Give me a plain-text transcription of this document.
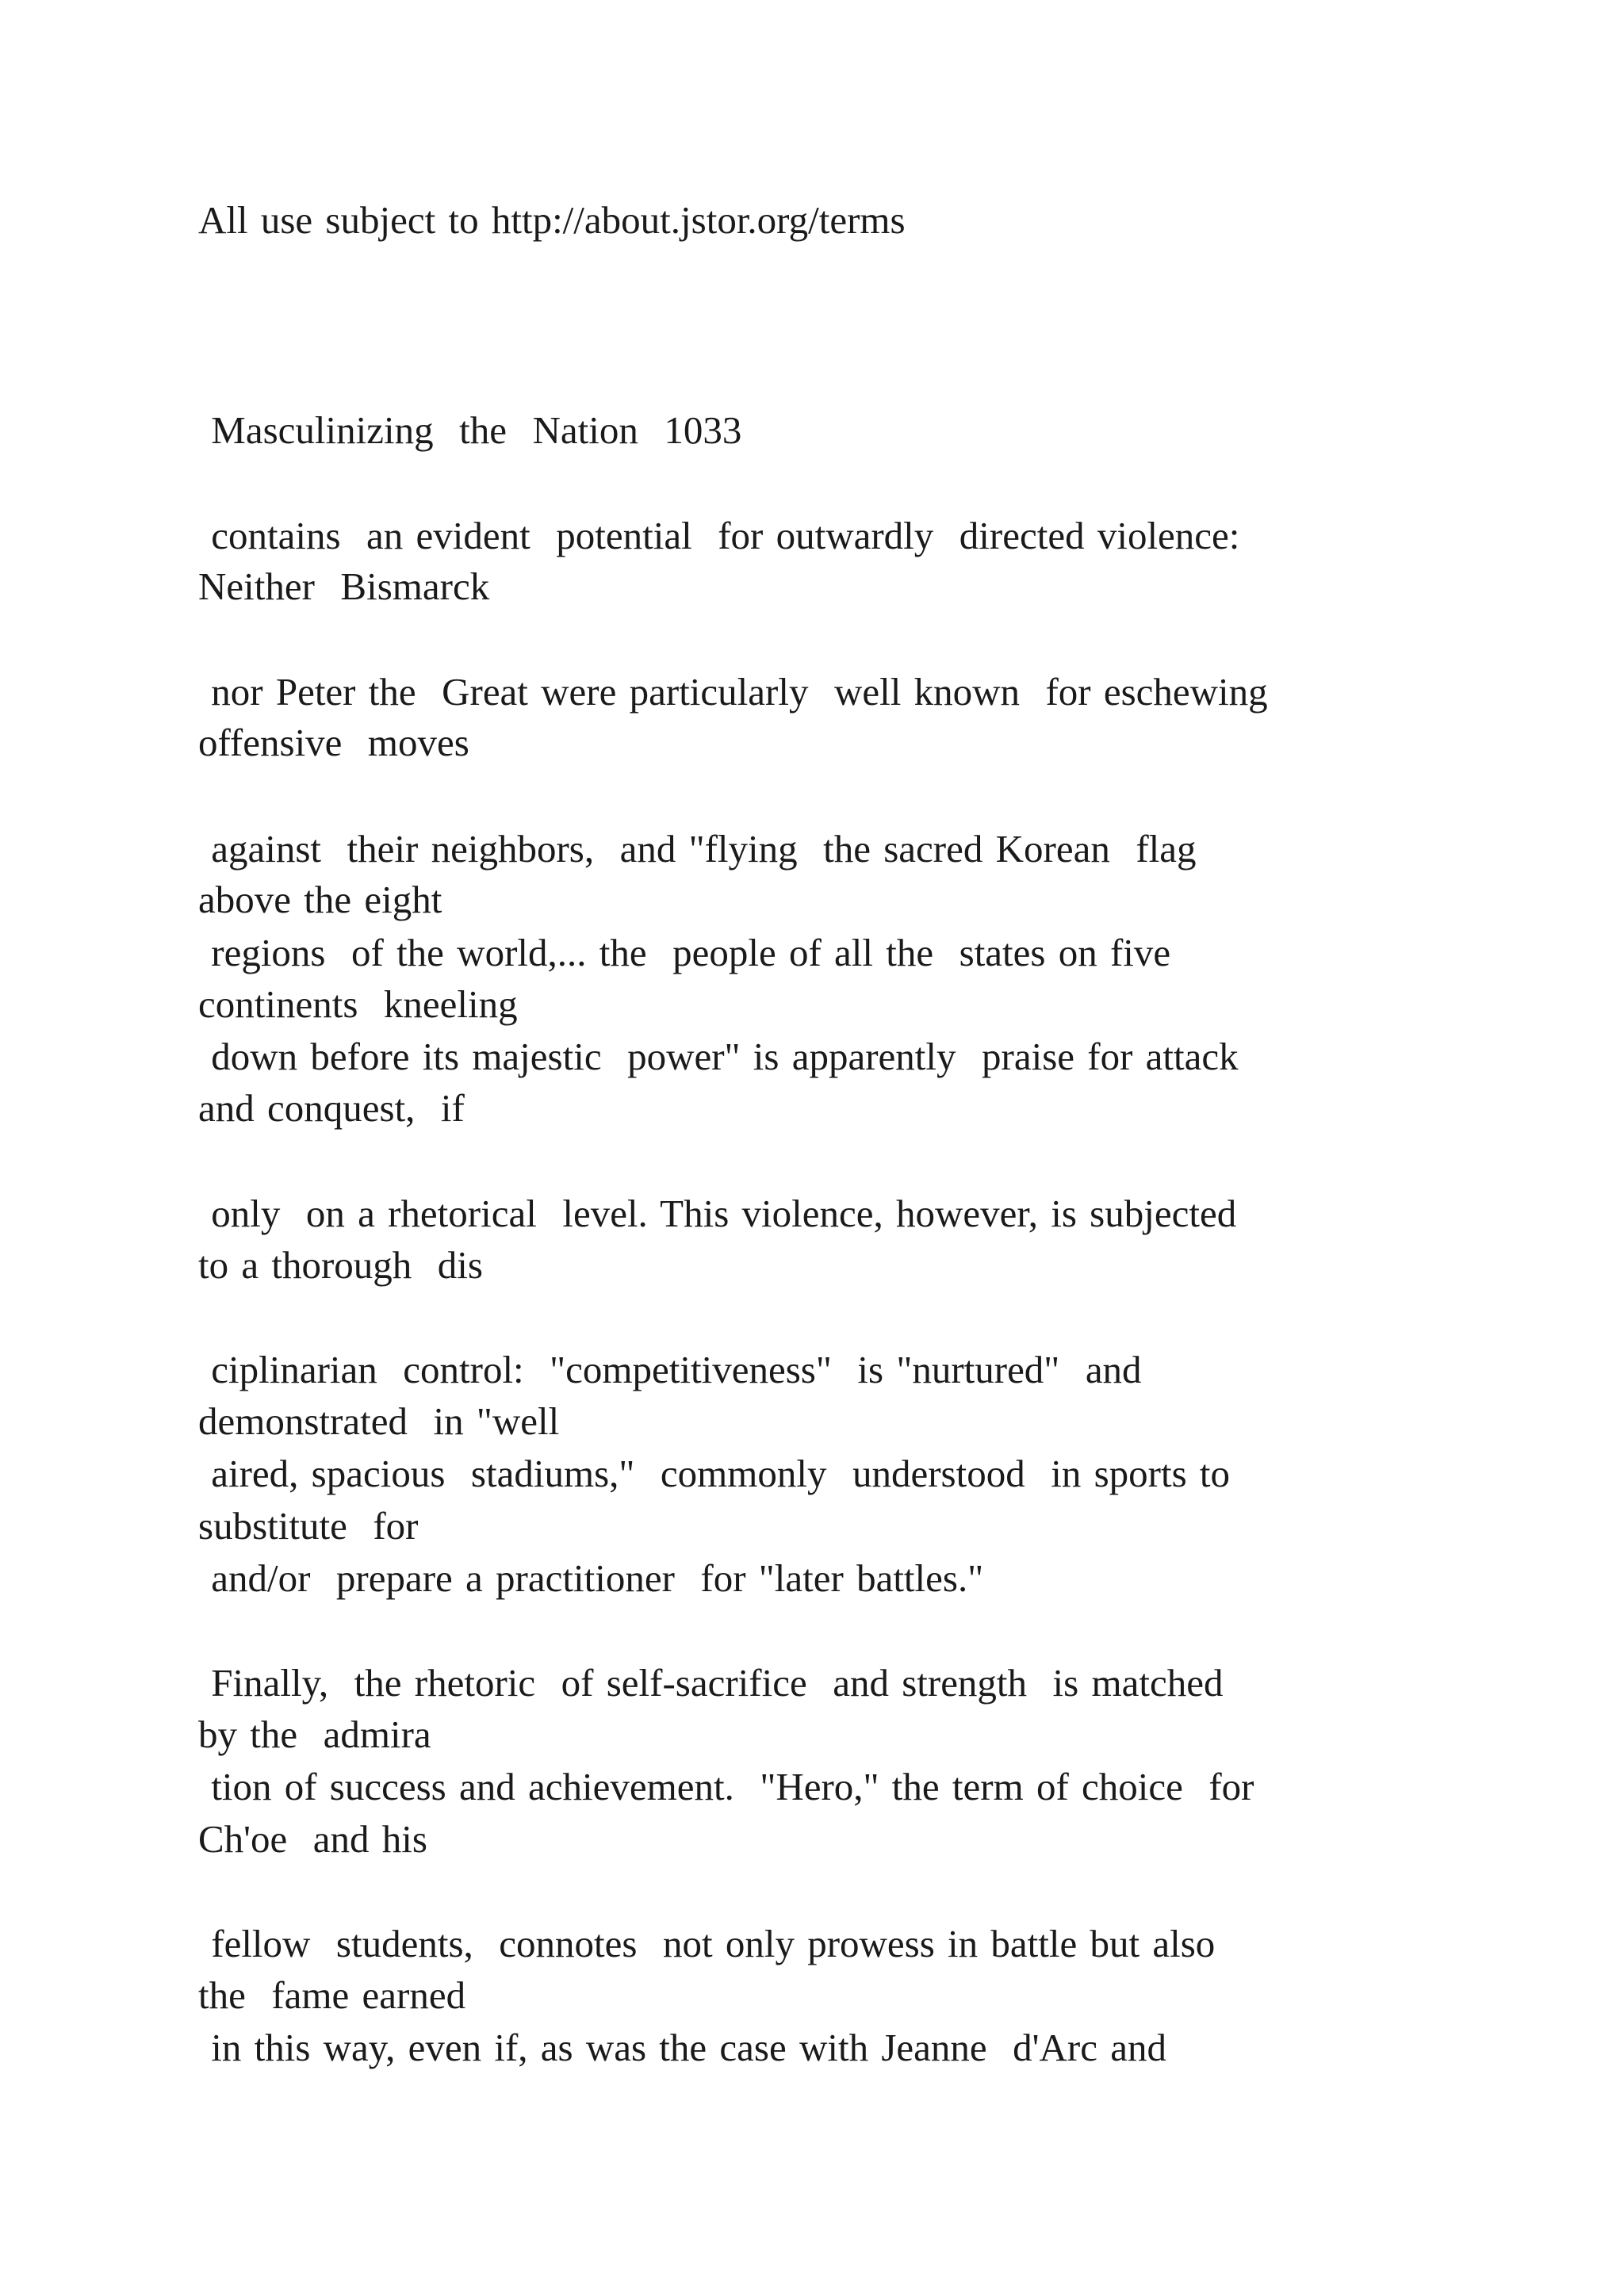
All use subject to http://about.jstor.org/terms

Masculinizing  the  Nation  1033

contains  an evident  potential  for outwardly  directed violence:

Neither  Bismarck

nor Peter the  Great were particularly  well known  for eschewing

offensive  moves

against  their neighbors,  and "flying  the sacred Korean  flag

above the eight

regions  of the world,... the  people of all the  states on five

continents  kneeling

down before its majestic  power" is apparently  praise for attack

and conquest,  if

only  on a rhetorical  level. This violence, however, is subjected

to a thorough  dis

ciplinarian  control:  "competitiveness"  is "nurtured"  and

demonstrated  in "well

aired, spacious  stadiums,"  commonly  understood  in sports to

substitute  for

and/or  prepare a practitioner  for "later battles."

Finally,  the rhetoric  of self-sacrifice  and strength  is matched

by the  admira

tion of success and achievement.  "Hero," the term of choice  for

Ch'oe  and his

fellow  students,  connotes  not only prowess in battle but also

the  fame earned

in this way, even if, as was the case with Jeanne  d'Arc and
